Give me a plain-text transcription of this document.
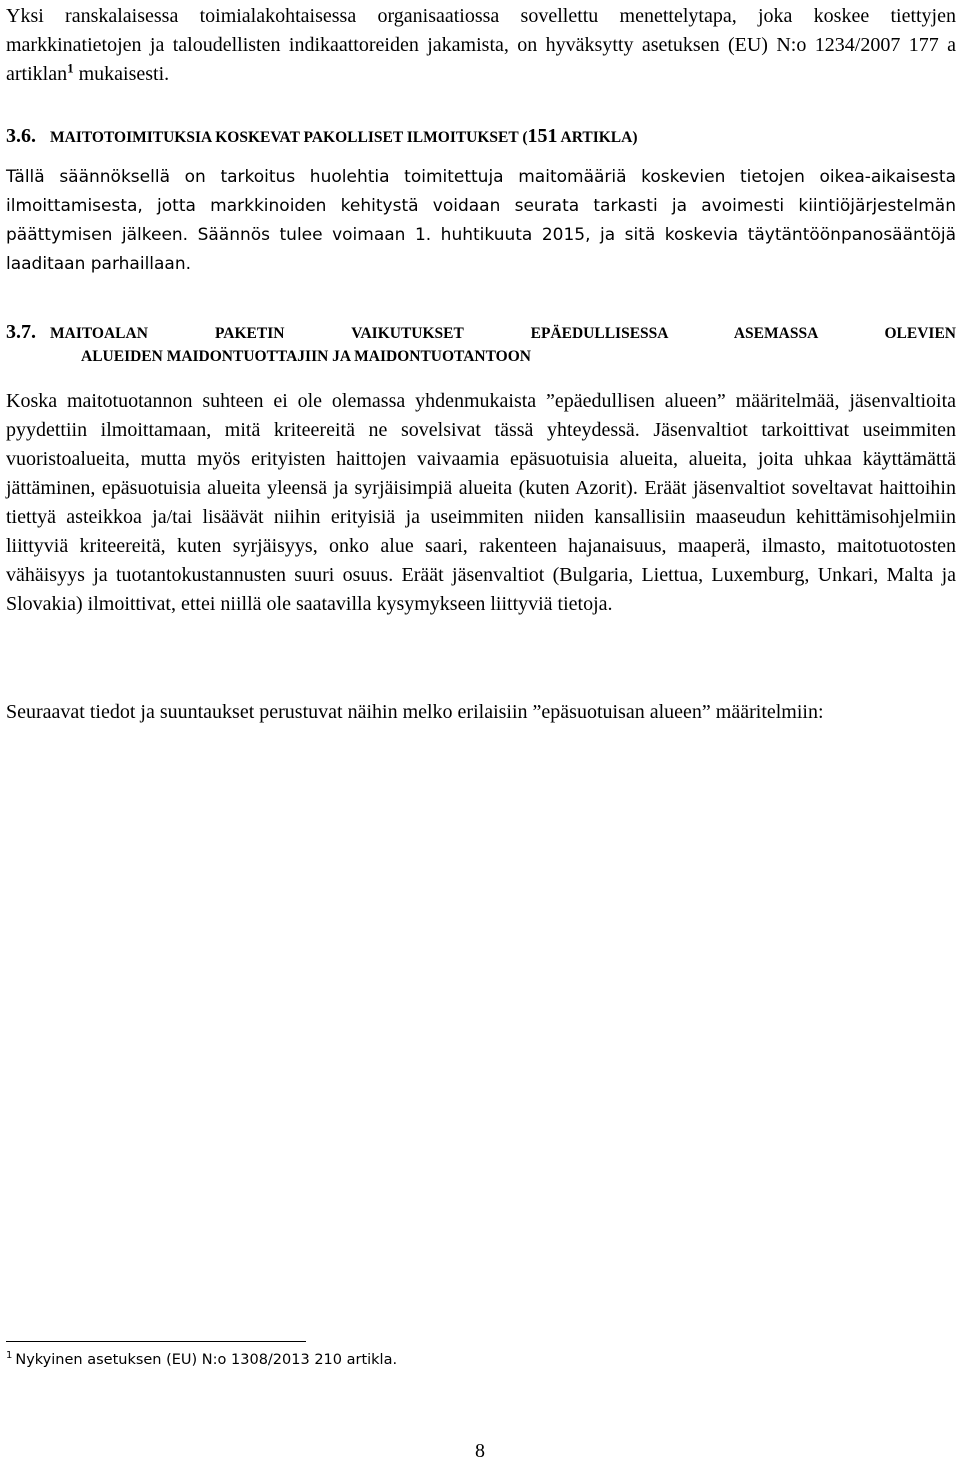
Yksi ranskalaisessa toimialakohtaisessa organisaatiossa sovellettu menettelytapa, joka koskee tiettyjen markkinatietojen ja taloudellisten indikaattoreiden jakamista, on hyväksytty asetuksen (EU) N:o 1234/2007 177 a artiklan$^1$ mukaisesti.

3.6. MAITOTOIMITUKSIA KOSKEVAT PAKOLLISET ILMOITUKSET (151 ARTIKLA)

Tällä säännöksellä on tarkoitus huolehtia toimitettuja maitomääriä koskevien tietojen oikea-aikaisesta ilmoittamisesta, jotta markkinoiden kehitystä voidaan seurata tarkasti ja avoimesti kiintiöjärjestelmän päättymisen jälkeen. Säännös tulee voimaan 1. huhtikuuta 2015, ja sitä koskevia täytäntöönpanosääntöjä laaditaan parhaillaan.

3.7. MAITOALAN PAKETIN VAIKUTUKSET EPÄEDULLISESSA ASEMASSA OLEVIEN
ALUEIDEN MAIDONTUOTTAJIIN JA MAIDONTUOTANTOON

Koska maitotuotannon suhteen ei ole olemassa yhdenmukaista ”epäedullisen alueen” määritelmää, jäsenvaltioita pyydettiin ilmoittamaan, mitä kriteereitä ne sovelsivat tässä yhteydessä. Jäsenvaltiot tarkoittivat useimmiten vuoristoalueita, mutta myös erityisten haittojen vaivaamia epäsuotuisia alueita, alueita, joita uhkaa käyttämättä jättäminen, epäsuotuisia alueita yleensä ja syrjäisimpiä alueita (kuten Azorit). Eräät jäsenvaltiot soveltavat haittoihin tiettyä asteikkoa ja/tai lisäävät niihin erityisiä ja useimmiten niiden kansallisiin maaseudun kehittämisohjelmiin liittyviä kriteereitä, kuten syrjäisyys, onko alue saari, rakenteen hajanaisuus, maaperä, ilmasto, maitotuotosten vähäisyys ja tuotantokustannusten suuri osuus. Eräät jäsenvaltiot (Bulgaria, Liettua, Luxemburg, Unkari, Malta ja Slovakia) ilmoittivat, ettei niillä ole saatavilla kysymykseen liittyviä tietoja.

Seuraavat tiedot ja suuntaukset perustuvat näihin melko erilaisiin ”epäsuotuisan alueen” määritelmiin:

$^1$ Nykyinen asetuksen (EU) N:o 1308/2013 210 artikla.
8
